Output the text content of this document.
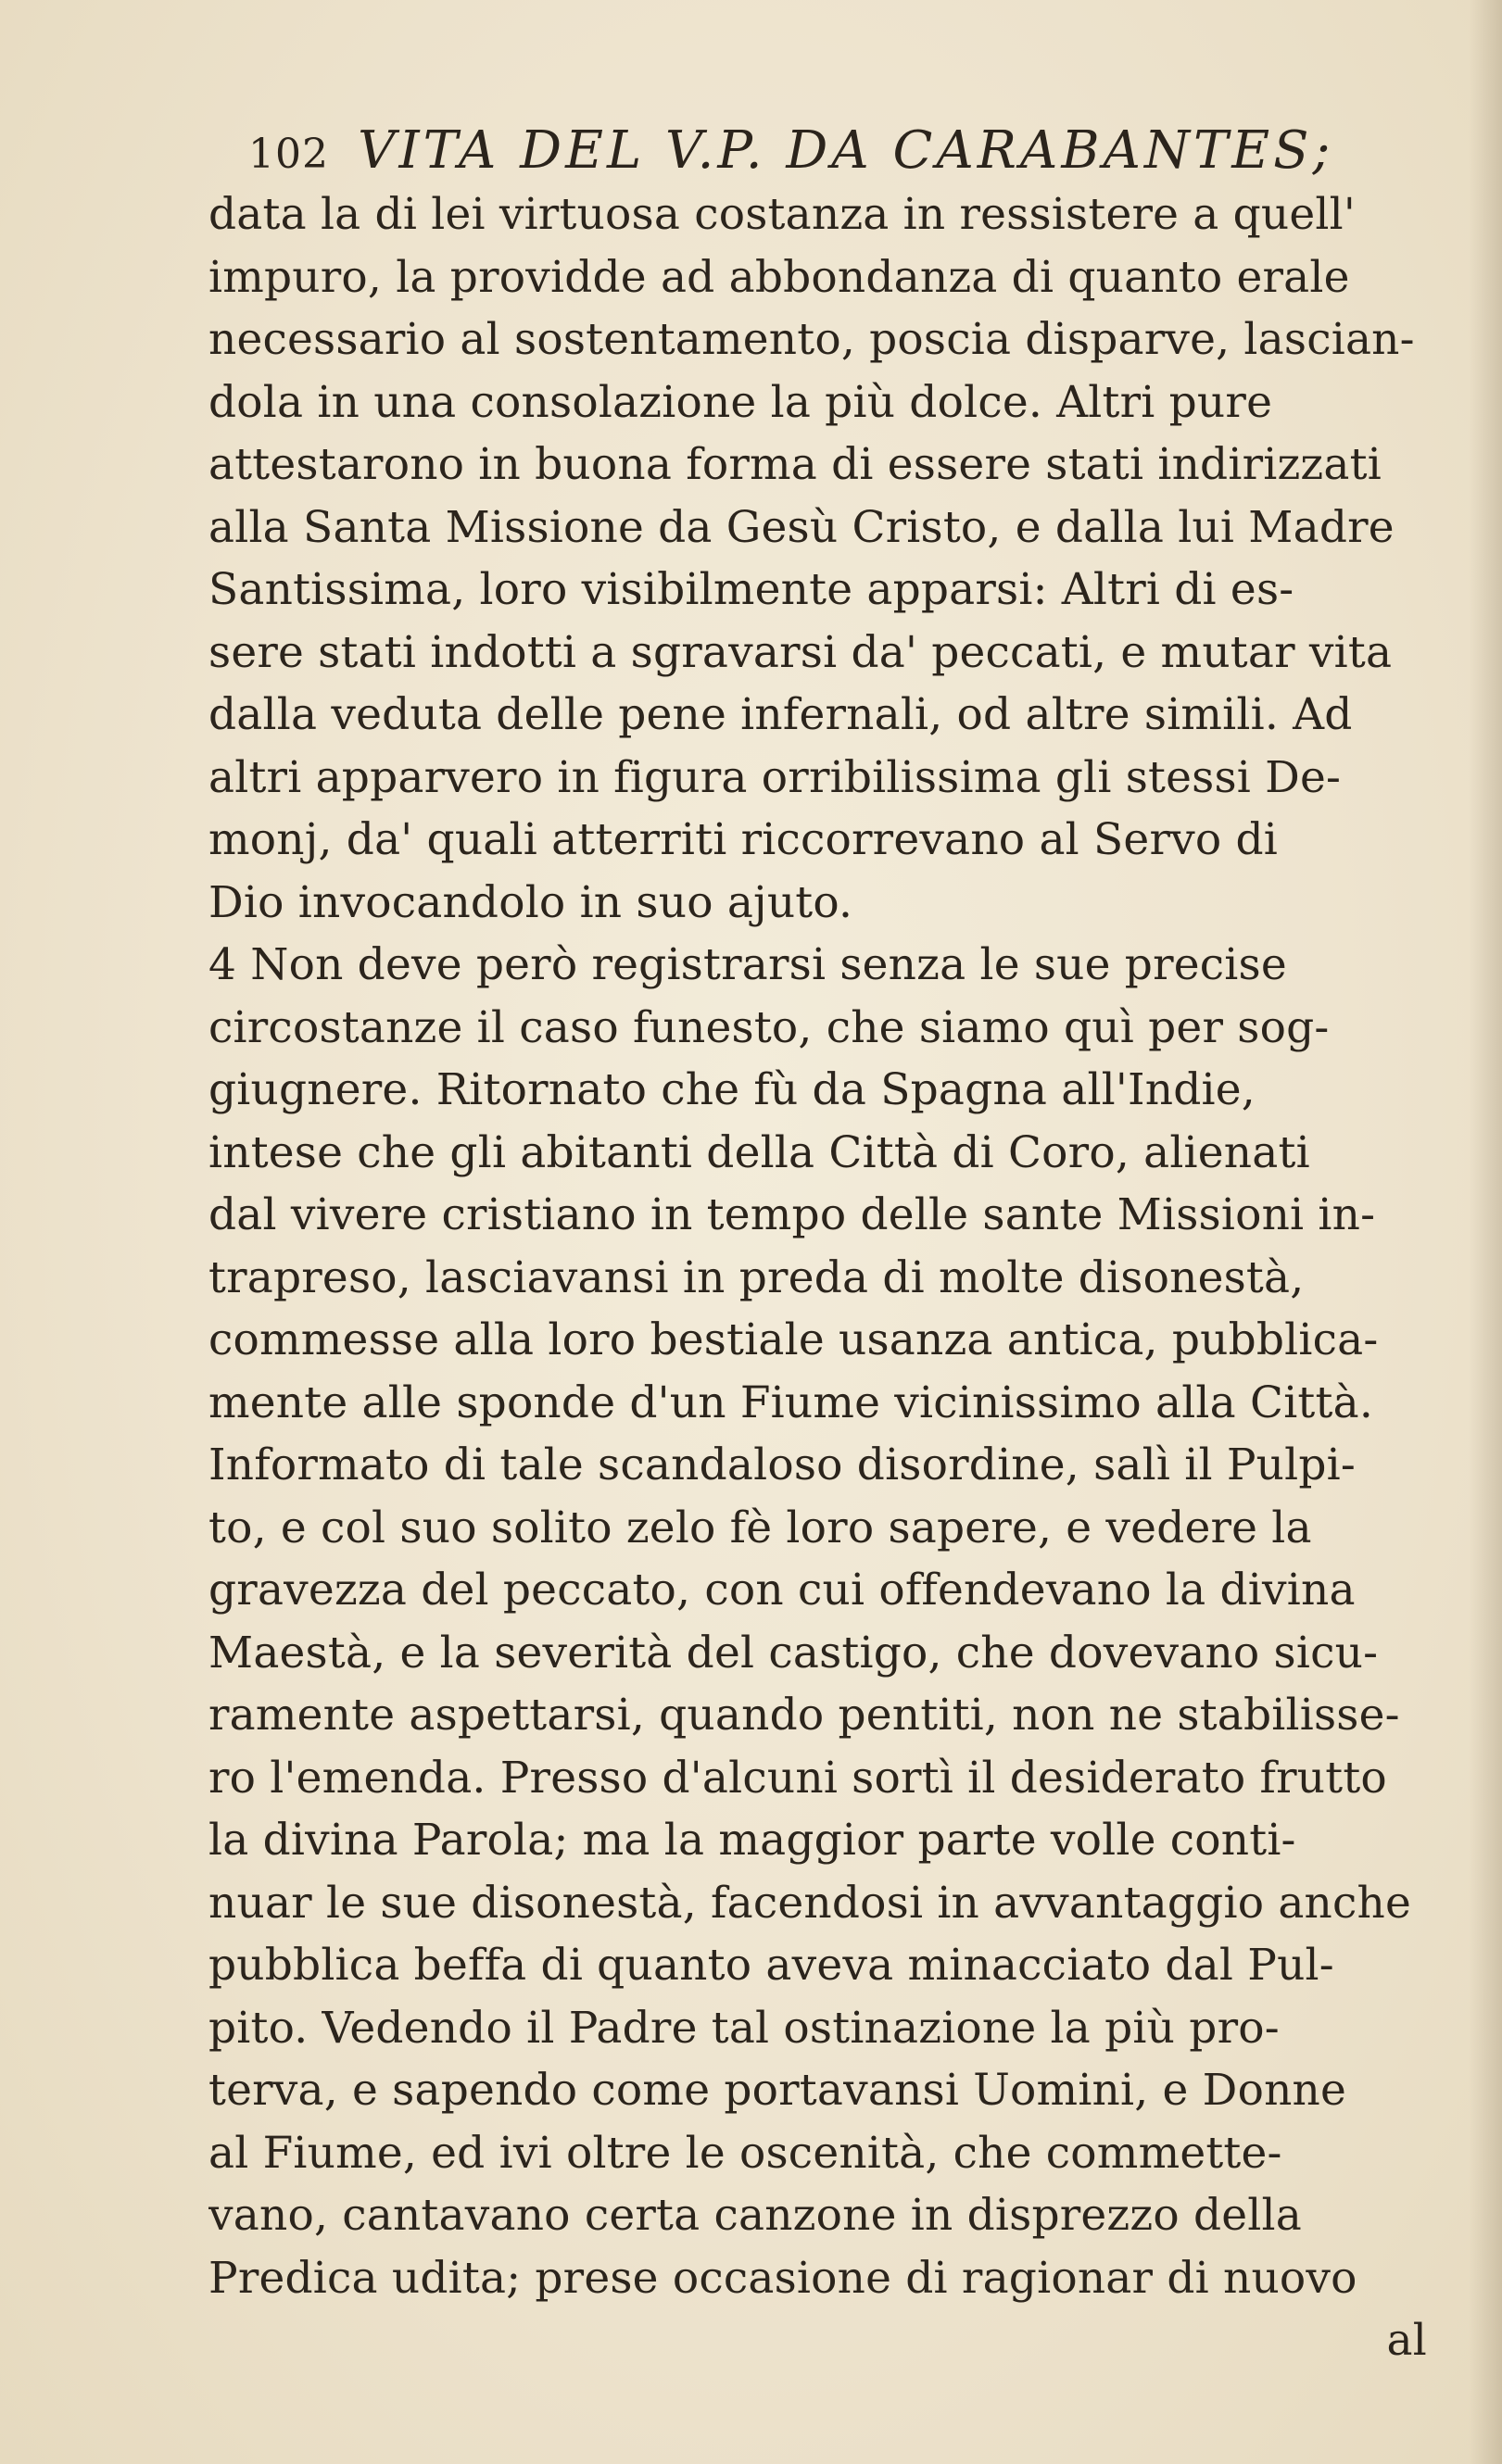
102 VITA DEL V.P. DA CARABANTES;
data la di lei virtuosa costanza in ressistere a quell'
impuro, la providde ad abbondanza di quanto erale
necessario al sostentamento, poscia disparve, lascian-
dola in una consolazione la più dolce. Altri pure
attestarono in buona forma di essere stati indirizzati
alla Santa Missione da Gesù Cristo, e dalla lui Madre
Santissima, loro visibilmente apparsi: Altri di es-
sere stati indotti a sgravarsi da' peccati, e mutar vita
dalla veduta delle pene infernali, od altre simili. Ad
altri apparvero in figura orribilissima gli stessi De-
monj, da' quali atterriti riccorrevano al Servo di
Dio invocandolo in suo ajuto.
4 Non deve però registrarsi senza le sue precise
circostanze il caso funesto, che siamo quì per sog-
giugnere. Ritornato che fù da Spagna all'Indie,
intese che gli abitanti della Città di Coro, alienati
dal vivere cristiano in tempo delle sante Missioni in-
trapreso, lasciavansi in preda di molte disonestà,
commesse alla loro bestiale usanza antica, pubblica-
mente alle sponde d'un Fiume vicinissimo alla Città.
Informato di tale scandaloso disordine, salì il Pulpi-
to, e col suo solito zelo fè loro sapere, e vedere la
gravezza del peccato, con cui offendevano la divina
Maestà, e la severità del castigo, che dovevano sicu-
ramente aspettarsi, quando pentiti, non ne stabilisse-
ro l'emenda. Presso d'alcuni sortì il desiderato frutto
la divina Parola; ma la maggior parte volle conti-
nuar le sue disonestà, facendosi in avvantaggio anche
pubblica beffa di quanto aveva minacciato dal Pul-
pito. Vedendo il Padre tal ostinazione la più pro-
terva, e sapendo come portavansi Uomini, e Donne
al Fiume, ed ivi oltre le oscenità, che commette-
vano, cantavano certa canzone in disprezzo della
Predica udita; prese occasione di ragionar di nuovo
al
